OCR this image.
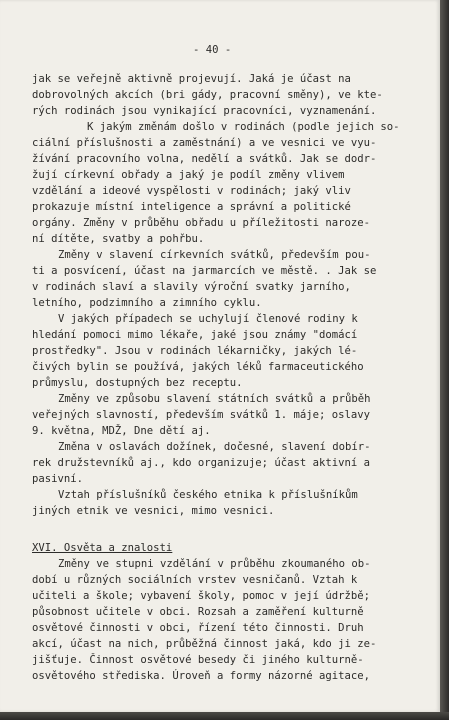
- 40 -
jak se veřejně aktivně projevují. Jaká je účast na
dobrovolných akcích (bri gády, pracovní směny), ve kte-
rých rodinách jsou vynikající pracovníci, vyznamenání.
K jakým změnám došlo v rodinách (podle jejich so-
ciální příslušnosti a zaměstnání) a ve vesnici ve vyu-
žívání pracovního volna, nedělí a svátků. Jak se dodr-
žují církevní obřady a jaký je podíl změny vlivem
vzdělání a ideové vyspělosti v rodinách; jaký vliv
prokazuje místní inteligence a správní a politické
orgány. Změny v průběhu obřadu u příležitosti naroze-
ní dítěte, svatby a pohřbu.
Změny v slavení církevních svátků, především pou-
ti a posvícení, účast na jarmarcích ve městě. . Jak se
v rodinách slaví a slavily výroční svatky jarního,
letního, podzimního a zimního cyklu.
V jakých případech se uchylují členové rodiny k
hledání pomoci mimo lékaře, jaké jsou známy "domácí
prostředky". Jsou v rodinách lékarničky, jakých lé-
čivých bylin se používá, jakých léků farmaceutického
průmyslu, dostupných bez receptu.
Změny ve způsobu slavení státních svátků a průběh
veřejných slavností, především svátků 1. máje; oslavy
9. května, MDŽ, Dne dětí aj.
Změna v oslavách dožínek, dočesné, slavení dobír-
rek družstevníků aj., kdo organizuje; účast aktivní a
pasivní.
Vztah příslušníků českého etnika k příslušníkům
jiných etnik ve vesnici, mimo vesnici.
XVI. Osvěta a znalosti
Změny ve stupni vzdělání v průběhu zkoumaného ob-
dobí u různých sociálních vrstev vesničanů. Vztah k
učiteli a škole; vybavení školy, pomoc v její údržbě;
působnost učitele v obci. Rozsah a zaměření kulturně
osvětové činnosti v obci, řízení této činnosti. Druh
akcí, účast na nich, průběžná činnost jaká, kdo ji ze-
jišťuje. Činnost osvětové besedy či jiného kulturně-
osvětového střediska. Úroveň a formy názorné agitace,
